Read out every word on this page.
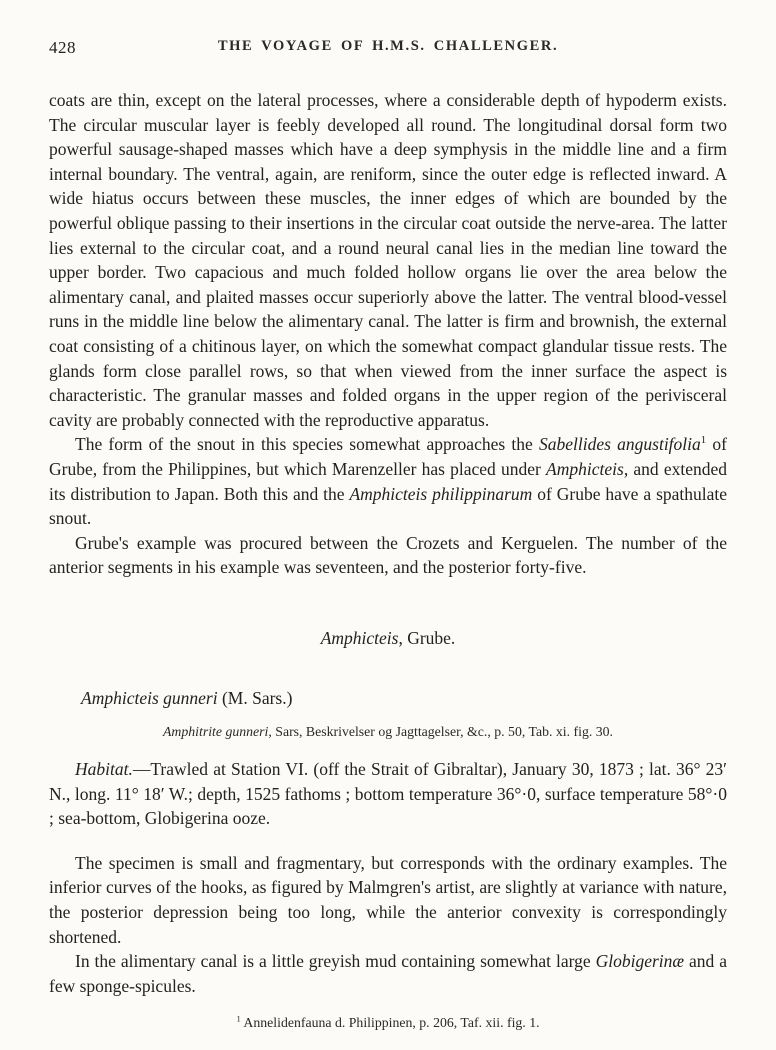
428	THE VOYAGE OF H.M.S. CHALLENGER.

coats are thin, except on the lateral processes, where a considerable depth of hypoderm exists. The circular muscular layer is feebly developed all round. The longitudinal dorsal form two powerful sausage-shaped masses which have a deep symphysis in the middle line and a firm internal boundary. The ventral, again, are reniform, since the outer edge is reflected inward. A wide hiatus occurs between these muscles, the inner edges of which are bounded by the powerful oblique passing to their insertions in the circular coat outside the nerve-area. The latter lies external to the circular coat, and a round neural canal lies in the median line toward the upper border. Two capacious and much folded hollow organs lie over the area below the alimentary canal, and plaited masses occur superiorly above the latter. The ventral blood-vessel runs in the middle line below the alimentary canal. The latter is firm and brownish, the external coat consisting of a chitinous layer, on which the somewhat compact glandular tissue rests. The glands form close parallel rows, so that when viewed from the inner surface the aspect is characteristic. The granular masses and folded organs in the upper region of the perivisceral cavity are probably connected with the reproductive apparatus.

The form of the snout in this species somewhat approaches the Sabellides angustifolia$^1$ of Grube, from the Philippines, but which Marenzeller has placed under Amphicteis, and extended its distribution to Japan. Both this and the Amphicteis philippinarum of Grube have a spathulate snout.

Grube's example was procured between the Crozets and Kerguelen. The number of the anterior segments in his example was seventeen, and the posterior forty-five.

Amphicteis, Grube.

Amphicteis gunneri (M. Sars.)

Amphitrite gunneri, Sars, Beskrivelser og Jagttagelser, &c., p. 50, Tab. xi. fig. 30.

Habitat.—Trawled at Station VI. (off the Strait of Gibraltar), January 30, 1873 ; lat. 36° 23′ N., long. 11° 18′ W.; depth, 1525 fathoms ; bottom temperature 36°·0, surface temperature 58°·0 ; sea-bottom, Globigerina ooze.

The specimen is small and fragmentary, but corresponds with the ordinary examples. The inferior curves of the hooks, as figured by Malmgren's artist, are slightly at variance with nature, the posterior depression being too long, while the anterior convexity is correspondingly shortened.

In the alimentary canal is a little greyish mud containing somewhat large Globigerinæ and a few sponge-spicules.

$^1$ Annelidenfauna d. Philippinen, p. 206, Taf. xii. fig. 1.
